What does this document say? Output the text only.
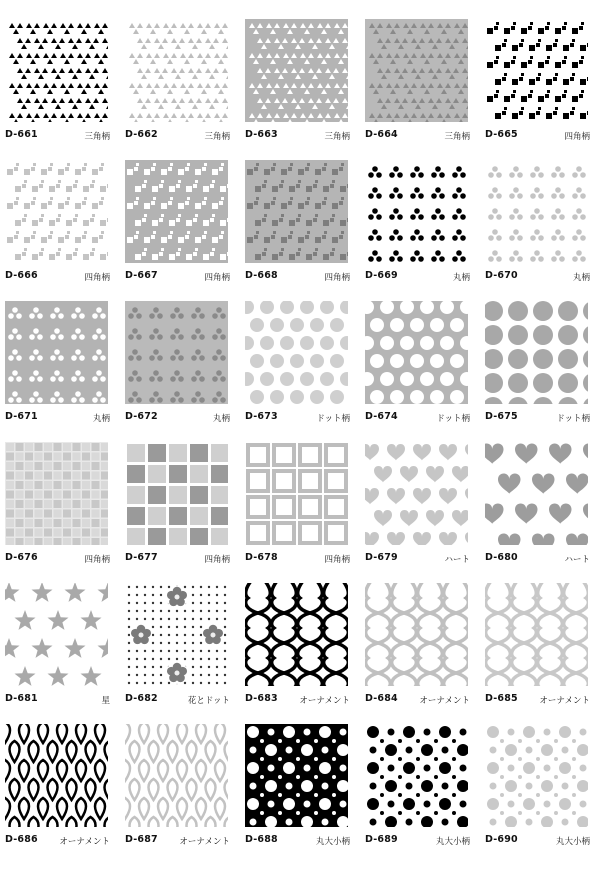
D-661	三角柄 D-662	三角柄 D-663	三角柄 D-664	三角柄 D-665	四角柄
D-666	四角柄 D-667	四角柄 D-668	四角柄 D-669	丸柄 D-670	丸柄
D-671	丸柄 D-672	丸柄 D-673	ドット柄 D-674	ドット柄 D-675	ドット柄
D-676	四角柄 D-677	四角柄 D-678	四角柄 D-679	ハート D-680	ハート
D-681	星 D-682	花とドット D-683	オーナメント D-684	オーナメント D-685	オーナメント
D-686	オーナメント D-687	オーナメント D-688	丸大小柄 D-689	丸大小柄 D-690	丸大小柄
